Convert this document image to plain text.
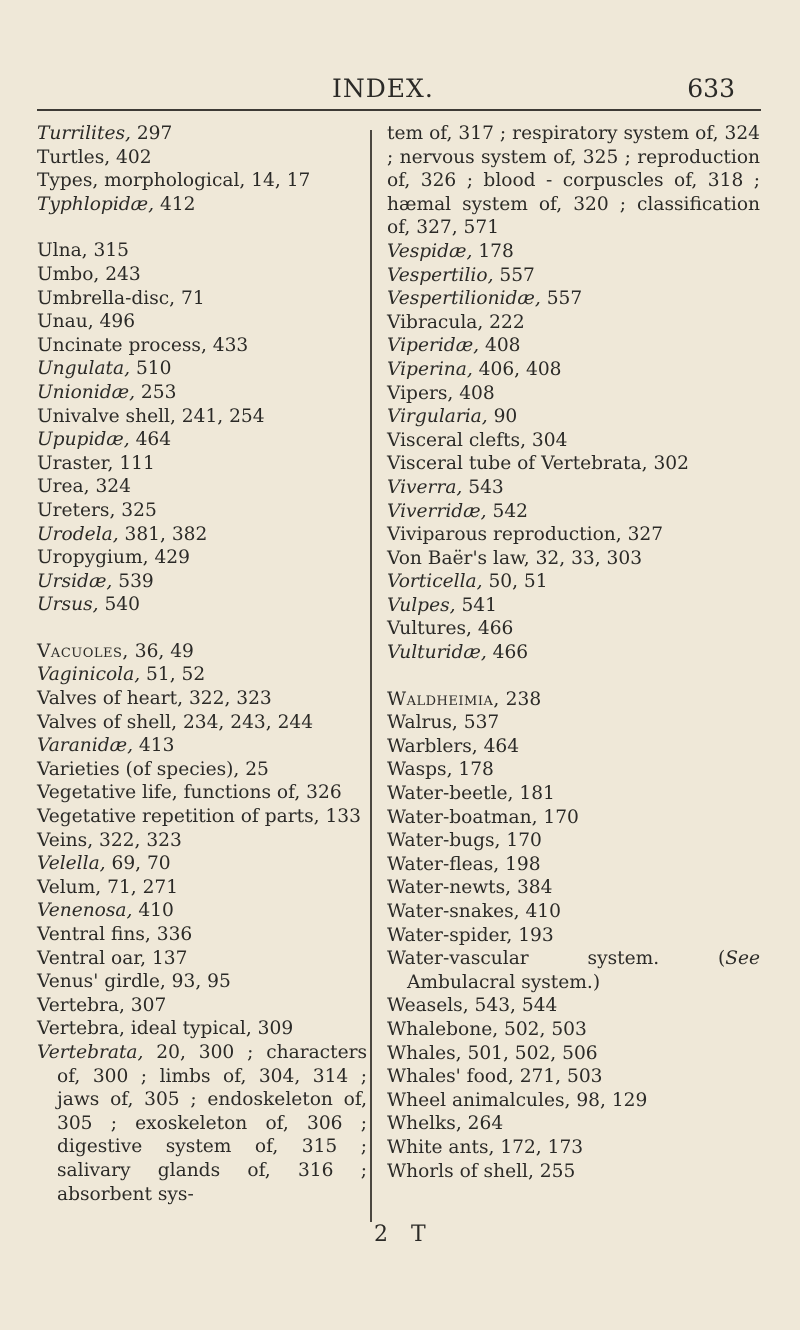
INDEX.	633

Turrilites, 297

Turtles, 402

Types, morphological, 14, 17

Typhlopidæ, 412

Ulna, 315

Umbo, 243

Umbrella-disc, 71

Unau, 496

Uncinate process, 433

Ungulata, 510

Unionidæ, 253

Univalve shell, 241, 254

Upupidæ, 464

Uraster, 111

Urea, 324

Ureters, 325

Urodela, 381, 382

Uropygium, 429

Ursidæ, 539

Ursus, 540

Vacuoles, 36, 49

Vaginicola, 51, 52

Valves of heart, 322, 323

Valves of shell, 234, 243, 244

Varanidæ, 413

Varieties (of species), 25

Vegetative life, functions of, 326

Vegetative repetition of parts, 133

Veins, 322, 323

Velella, 69, 70

Velum, 71, 271

Venenosa, 410

Ventral fins, 336

Ventral oar, 137

Venus' girdle, 93, 95

Vertebra, 307

Vertebra, ideal typical, 309

Vertebrata, 20, 300 ; characters of, 300 ; limbs of, 304, 314 ; jaws of, 305 ; endoskeleton of, 305 ; exoskeleton of, 306 ; digestive system of, 315 ; salivary glands of, 316 ; absorbent sys-

tem of, 317 ; respiratory system of, 324 ; nervous system of, 325 ; reproduction of, 326 ; blood - corpuscles of, 318 ; hæmal system of, 320 ; classification of, 327, 571

Vespidæ, 178

Vespertilio, 557

Vespertilionidæ, 557

Vibracula, 222

Viperidæ, 408

Viperina, 406, 408

Vipers, 408

Virgularia, 90

Visceral clefts, 304

Visceral tube of Vertebrata, 302

Viverra, 543

Viverridæ, 542

Viviparous reproduction, 327

Von Baër's law, 32, 33, 303

Vorticella, 50, 51

Vulpes, 541

Vultures, 466

Vulturidæ, 466

Waldheimia, 238

Walrus, 537

Warblers, 464

Wasps, 178

Water-beetle, 181

Water-boatman, 170

Water-bugs, 170

Water-fleas, 198

Water-newts, 384

Water-snakes, 410

Water-spider, 193

Water-vascular system. (See Ambulacral system.)

Weasels, 543, 544

Whalebone, 502, 503

Whales, 501, 502, 506

Whales' food, 271, 503

Wheel animalcules, 98, 129

Whelks, 264

White ants, 172, 173

Whorls of shell, 255

2 T
